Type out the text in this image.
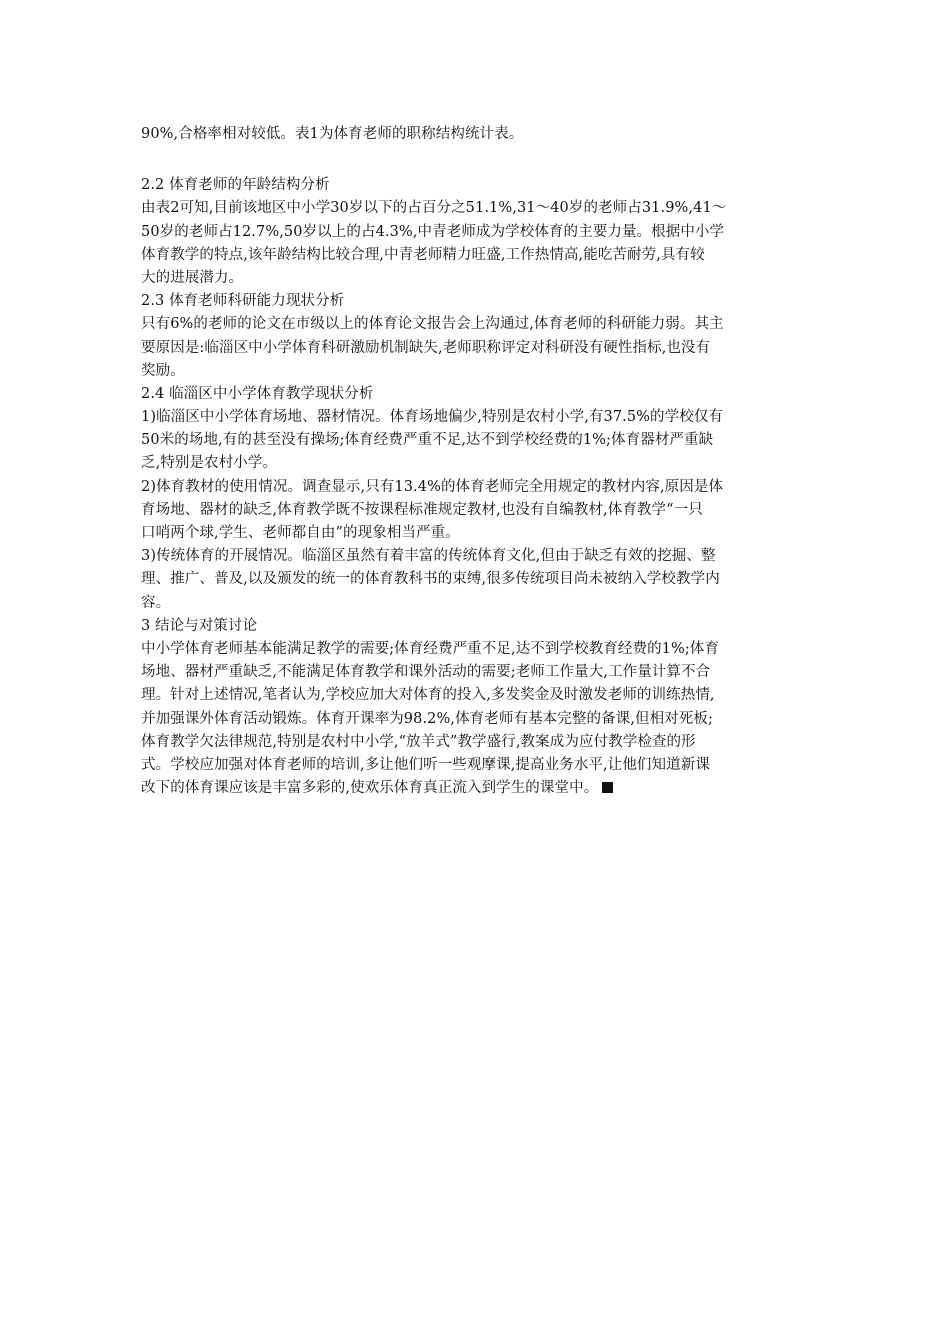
90%,合格率相对较低。表1为体育老师的职称结构统计表。
2.2 体育老师的年龄结构分析
由表2可知,目前该地区中小学30岁以下的占百分之51.1%,31～40岁的老师占31.9%,41～
50岁的老师占12.7%,50岁以上的占4.3%,中青老师成为学校体育的主要力量。根据中小学
体育教学的特点,该年龄结构比较合理,中青老师精力旺盛,工作热情高,能吃苦耐劳,具有较
大的进展潜力。
2.3 体育老师科研能力现状分析
只有6%的老师的论文在市级以上的体育论文报告会上沟通过,体育老师的科研能力弱。其主
要原因是:临淄区中小学体育科研激励机制缺失,老师职称评定对科研没有硬性指标,也没有
奖励。
2.4 临淄区中小学体育教学现状分析
1)临淄区中小学体育场地、器材情况。体育场地偏少,特别是农村小学,有37.5%的学校仅有
50米的场地,有的甚至没有操场;体育经费严重不足,达不到学校经费的1%;体育器材严重缺
乏,特别是农村小学。
2)体育教材的使用情况。调查显示,只有13.4%的体育老师完全用规定的教材内容,原因是体
育场地、器材的缺乏,体育教学既不按课程标准规定教材,也没有自编教材,体育教学“一只
口哨两个球,学生、老师都自由”的现象相当严重。
3)传统体育的开展情况。临淄区虽然有着丰富的传统体育文化,但由于缺乏有效的挖掘、整
理、推广、普及,以及颁发的统一的体育教科书的束缚,很多传统项目尚未被纳入学校教学内
容。
3 结论与对策讨论
中小学体育老师基本能满足教学的需要;体育经费严重不足,达不到学校教育经费的1%;体育
场地、器材严重缺乏,不能满足体育教学和课外活动的需要;老师工作量大,工作量计算不合
理。针对上述情况,笔者认为,学校应加大对体育的投入,多发奖金及时激发老师的训练热情,
并加强课外体育活动锻炼。体育开课率为98.2%,体育老师有基本完整的备课,但相对死板;
体育教学欠法律规范,特别是农村中小学,“放羊式”教学盛行,教案成为应付教学检查的形
式。学校应加强对体育老师的培训,多让他们听一些观摩课,提高业务水平,让他们知道新课
改下的体育课应该是丰富多彩的,使欢乐体育真正流入到学生的课堂中。
